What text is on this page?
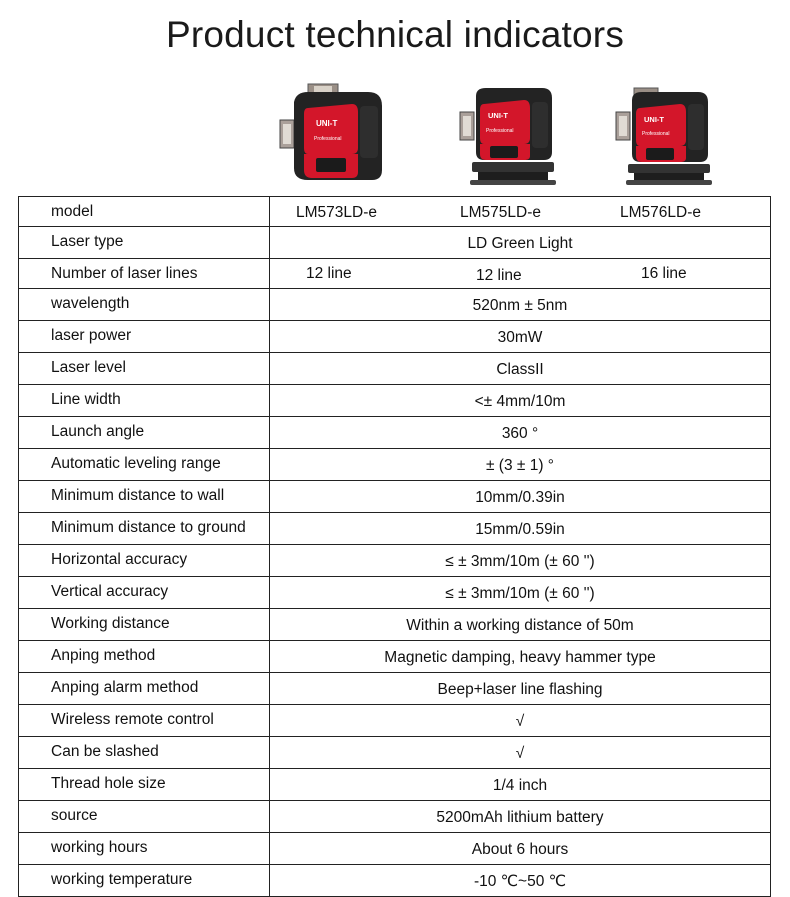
Product technical indicators
UNI-T
Professional
UNI-T
Professional
UNI-T
Professional
model	LM573LD-e LM575LD-e LM576LD-e

Laser type	LD Green Light
Number of laser lines	12 line 12 line 16 line

wavelength	520nm ± 5nm
laser power	30mW
Laser level	ClassII
Line width	<± 4mm/10m
Launch angle	360 °
Automatic leveling range	± (3 ± 1) °
Minimum distance to wall	10mm/0.39in
Minimum distance to ground	15mm/0.59in
Horizontal accuracy	≤ ± 3mm/10m (± 60 '')
Vertical accuracy	≤ ± 3mm/10m (± 60 '')
Working distance	Within a working distance of 50m
Anping method	Magnetic damping, heavy hammer type
Anping alarm method	Beep+laser line flashing
Wireless remote control	√
Can be slashed	√
Thread hole size	1/4 inch
source	5200mAh lithium battery
working hours	About 6 hours
working temperature	-10 ℃~50 ℃
